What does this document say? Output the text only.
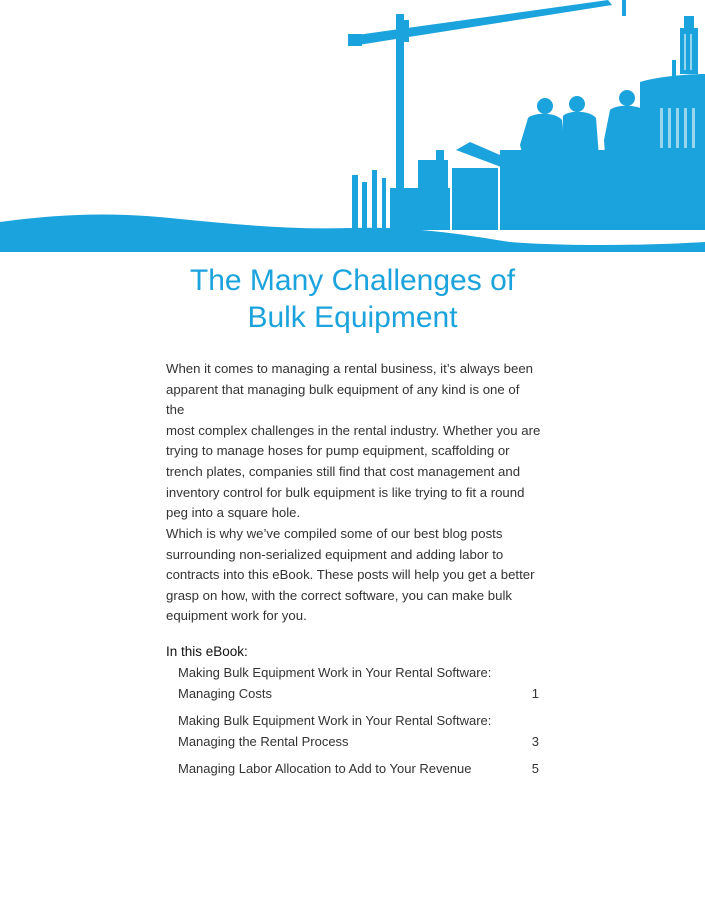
The Many Challenges of
Bulk Equipment

When it comes to managing a rental business, it’s always been
apparent that managing bulk equipment of any kind is one of the
most complex challenges in the rental industry. Whether you are
trying to manage hoses for pump equipment, scaffolding or
trench plates, companies still find that cost management and
inventory control for bulk equipment is like trying to fit a round
peg into a square hole.

Which is why we’ve compiled some of our best blog posts
surrounding non-serialized equipment and adding labor to
contracts into this eBook. These posts will help you get a better
grasp on how, with the correct software, you can make bulk
equipment work for you.

In this eBook:
Making Bulk Equipment Work in Your Rental Software:
Managing Costs	1
Making Bulk Equipment Work in Your Rental Software:
Managing the Rental Process	3
Managing Labor Allocation to Add to Your Revenue	5
